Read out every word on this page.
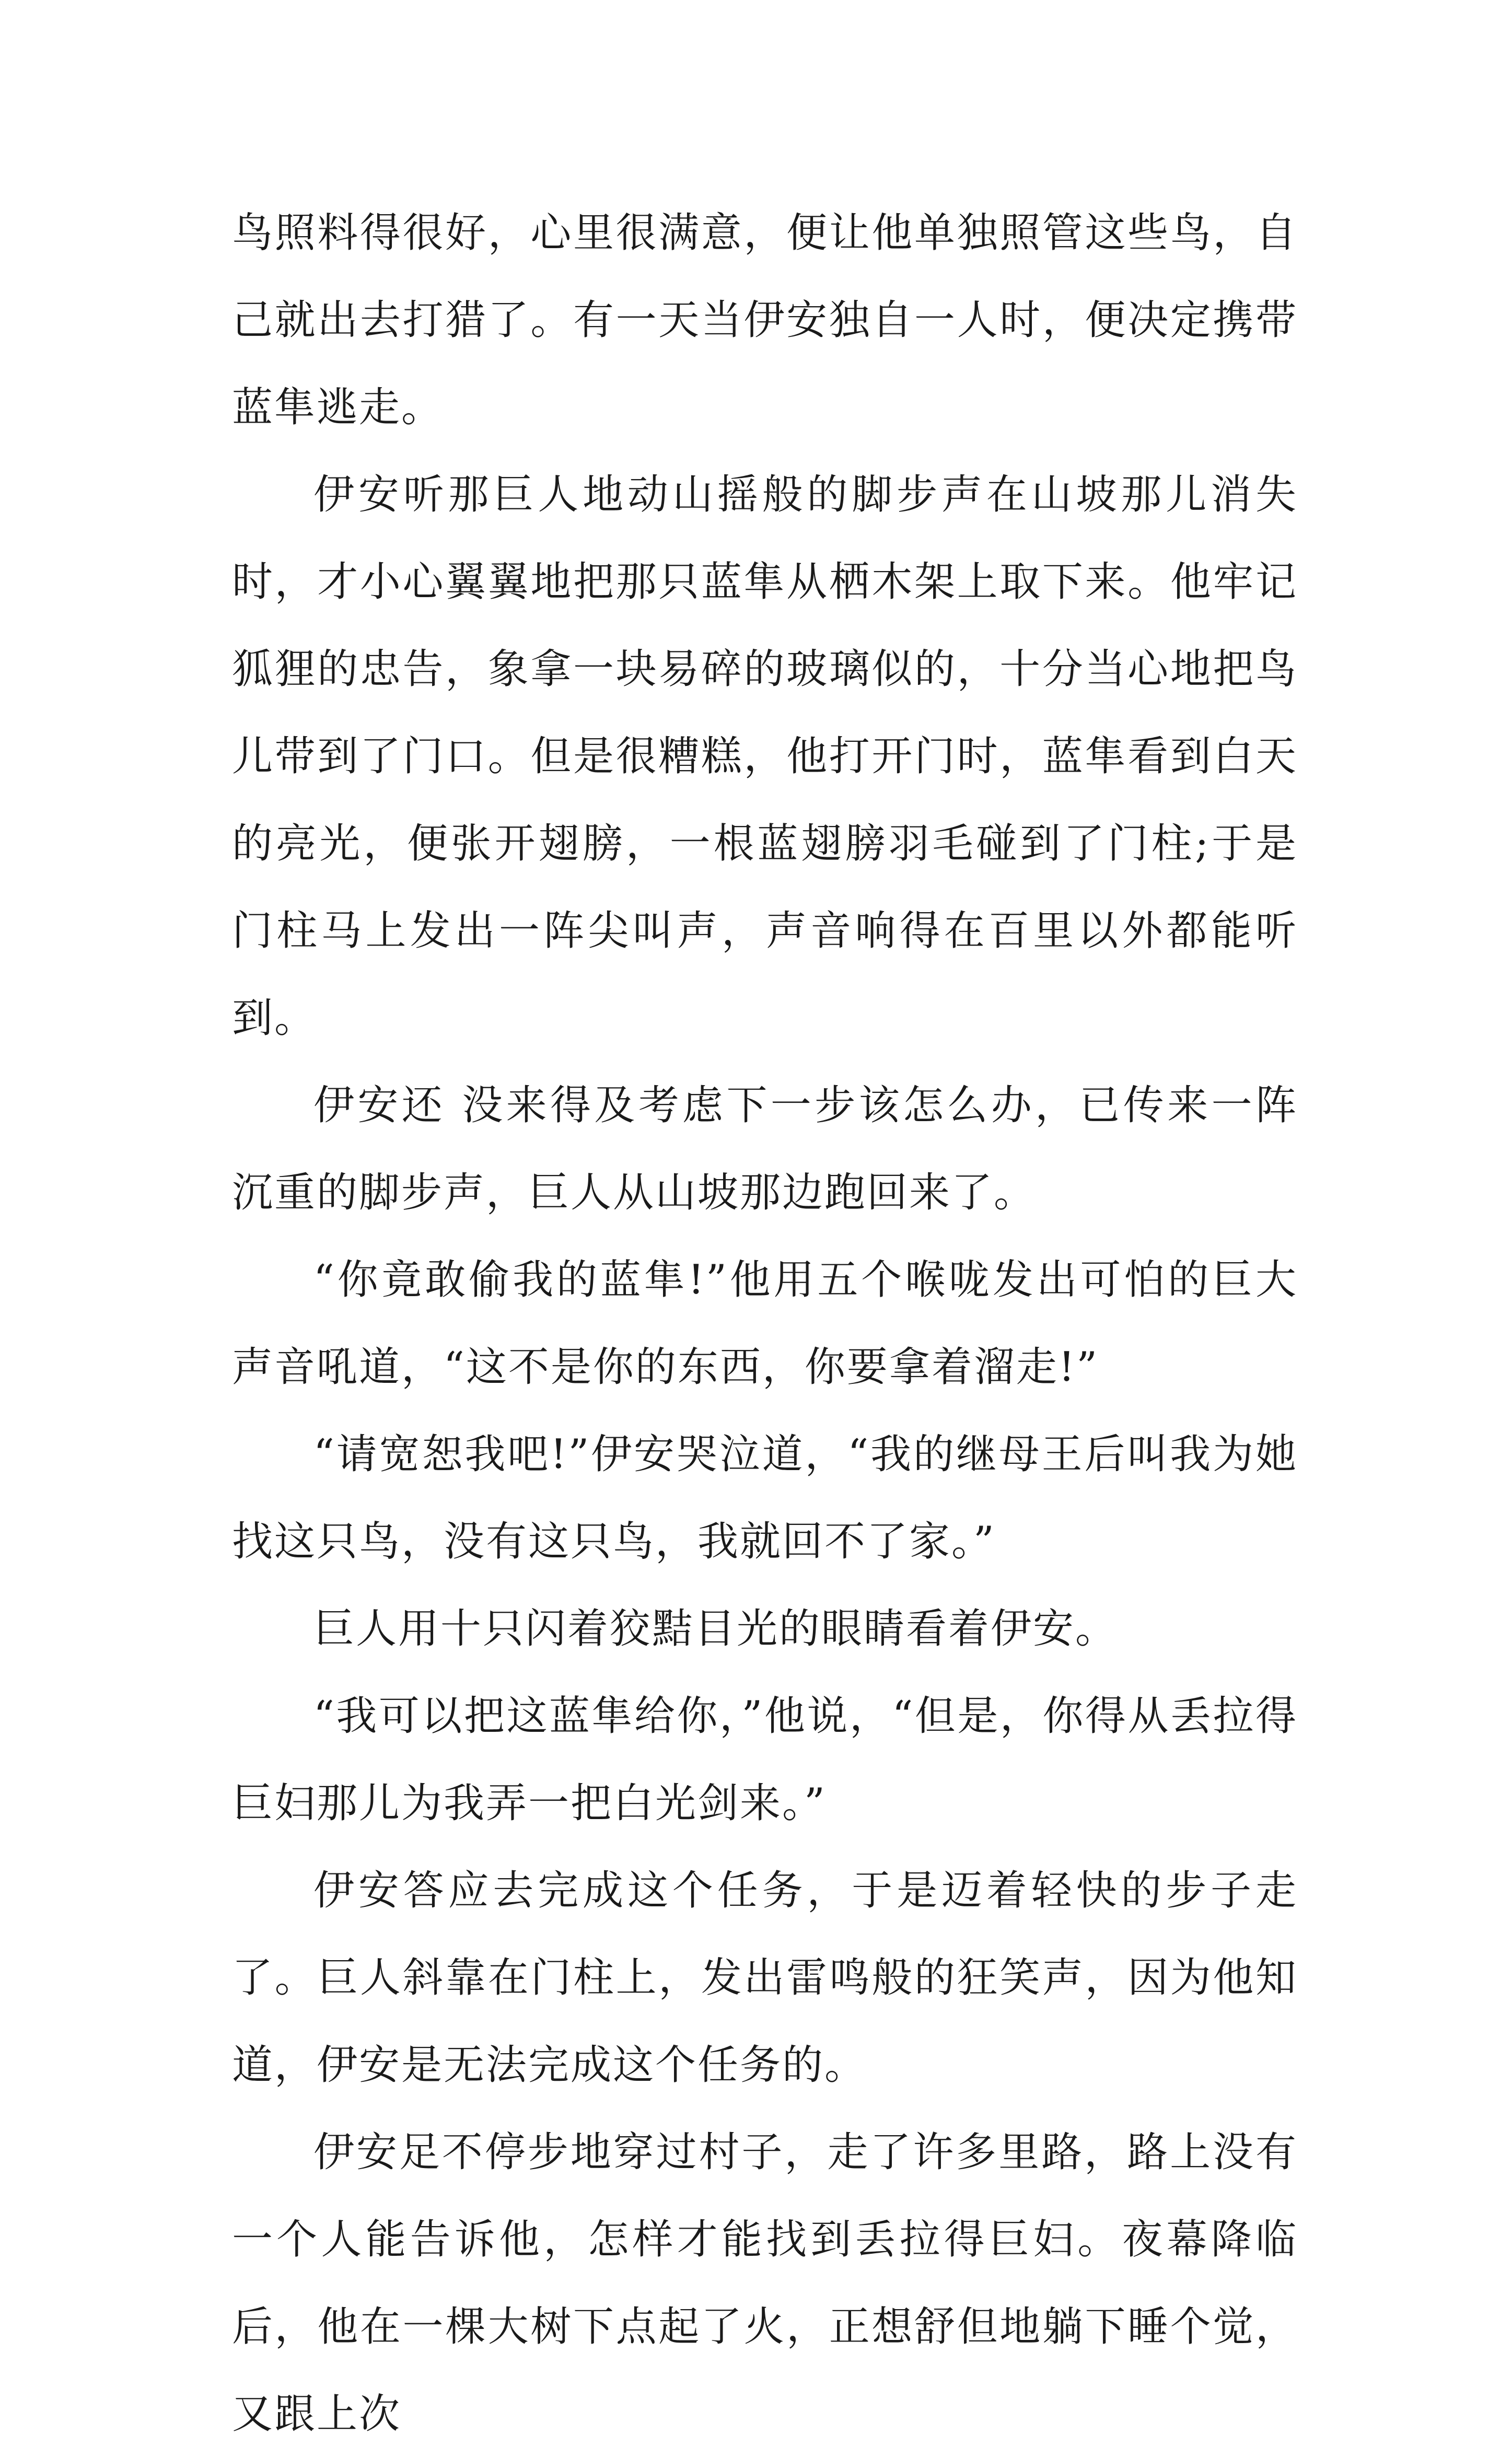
鸟照料得很好，心里很满意，便让他单独照管这些鸟，自己就出去打猎了。有一天当伊安独自一人时，便决定携带蓝隼逃走。

伊安听那巨人地动山摇般的脚步声在山坡那儿消失时，才小心翼翼地把那只蓝隼从栖木架上取下来。他牢记狐狸的忠告，象拿一块易碎的玻璃似的，十分当心地把鸟儿带到了门口。但是很糟糕，他打开门时，蓝隼看到白天的亮光，便张开翅膀，一根蓝翅膀羽毛碰到了门柱;于是门柱马上发出一阵尖叫声，声音响得在百里以外都能听到。

伊安还 没来得及考虑下一步该怎么办，已传来一阵沉重的脚步声，巨人从山坡那边跑回来了。

“你竟敢偷我的蓝隼!”他用五个喉咙发出可怕的巨大声音吼道，“这不是你的东西，你要拿着溜走!”

“请宽恕我吧!”伊安哭泣道，“我的继母王后叫我为她找这只鸟，没有这只鸟，我就回不了家。”

巨人用十只闪着狡黠目光的眼睛看着伊安。

“我可以把这蓝隼给你，”他说，“但是，你得从丢拉得巨妇那儿为我弄一把白光剑来。”

伊安答应去完成这个任务，于是迈着轻快的步子走了。巨人斜靠在门柱上，发出雷鸣般的狂笑声，因为他知道，伊安是无法完成这个任务的。

伊安足不停步地穿过村子，走了许多里路，路上没有一个人能告诉他，怎样才能找到丢拉得巨妇。夜幕降临后，他在一棵大树下点起了火，正想舒但地躺下睡个觉，又跟上次
